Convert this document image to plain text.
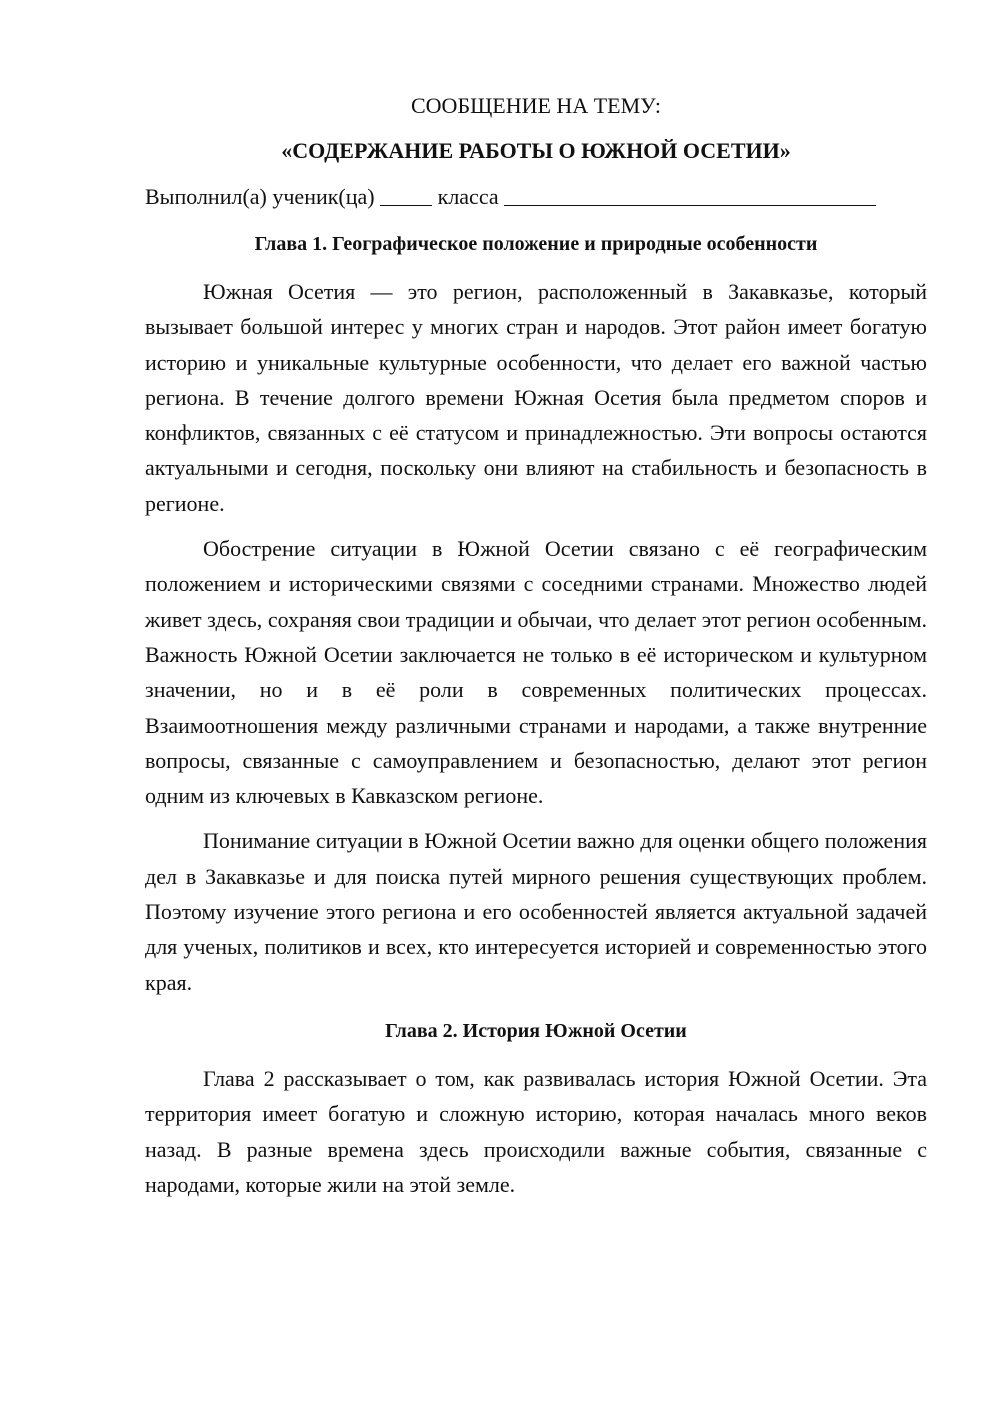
СООБЩЕНИЕ НА ТЕМУ:

«СОДЕРЖАНИЕ РАБОТЫ О ЮЖНОЙ ОСЕТИИ»

Выполнил(а) ученик(ца)	класса

Глава 1. Географическое положение и природные особенности

Южная Осетия — это регион, расположенный в Закавказье, который вызывает большой интерес у многих стран и народов. Этот район имеет богатую историю и уникальные культурные особенности, что делает его важной частью региона. В течение долгого времени Южная Осетия была предметом споров и конфликтов, связанных с её статусом и принадлежностью. Эти вопросы остаются актуальными и сегодня, поскольку они влияют на стабильность и безопасность в регионе.

Обострение ситуации в Южной Осетии связано с её географическим положением и историческими связями с соседними странами. Множество людей живет здесь, сохраняя свои традиции и обычаи, что делает этот регион особенным. Важность Южной Осетии заключается не только в её историческом и культурном значении, но и в её роли в современных политических процессах. Взаимоотношения между различными странами и народами, а также внутренние вопросы, связанные с самоуправлением и безопасностью, делают этот регион одним из ключевых в Кавказском регионе.

Понимание ситуации в Южной Осетии важно для оценки общего положения дел в Закавказье и для поиска путей мирного решения существующих проблем. Поэтому изучение этого региона и его особенностей является актуальной задачей для ученых, политиков и всех, кто интересуется историей и современностью этого края.

Глава 2. История Южной Осетии

Глава 2 рассказывает о том, как развивалась история Южной Осетии. Эта территория имеет богатую и сложную историю, которая началась много веков назад. В разные времена здесь происходили важные события, связанные с народами, которые жили на этой земле.
